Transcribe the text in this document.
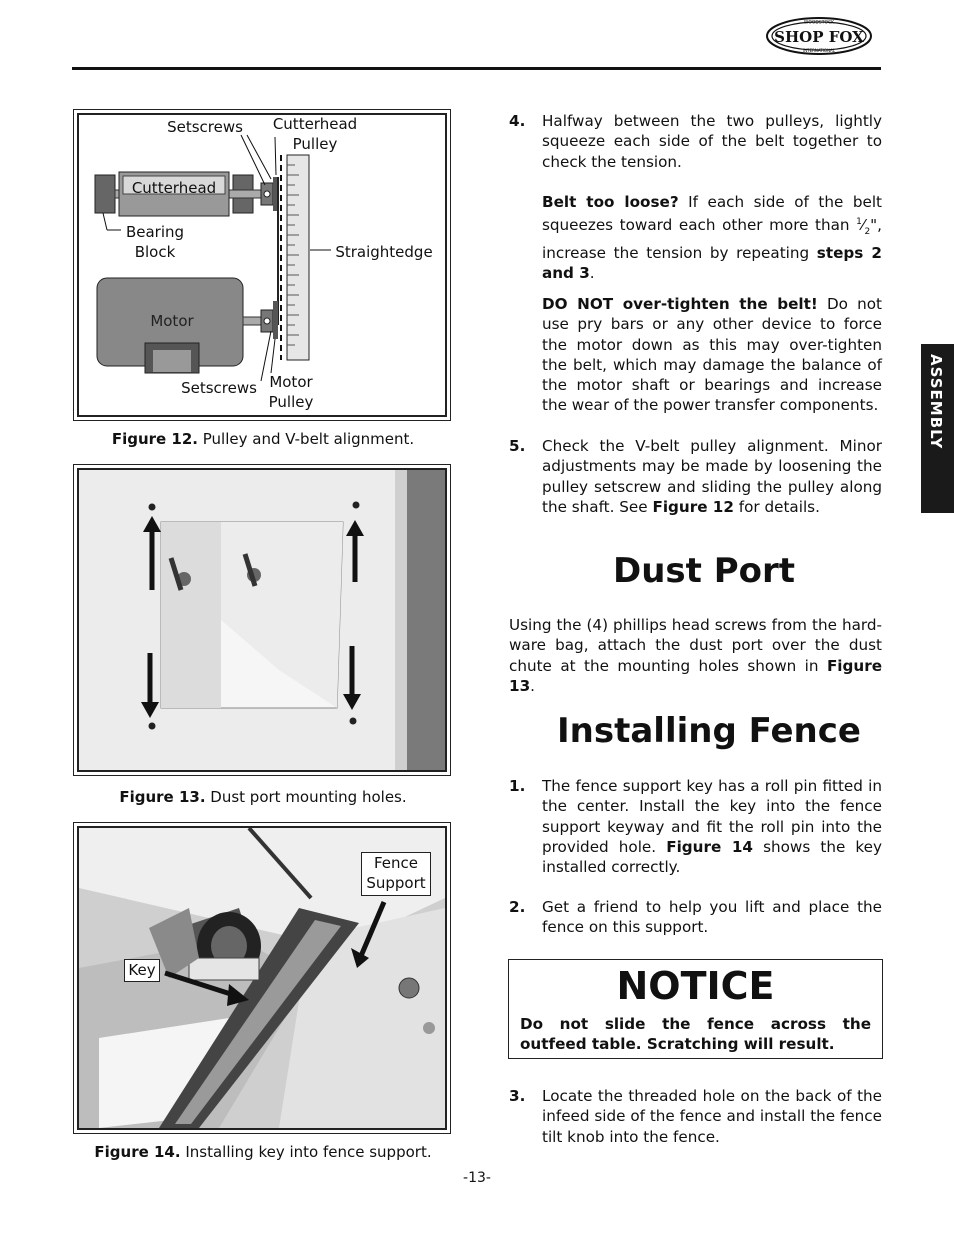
WOODSTOCK
SHOP FOX
INTERNATIONAL
ASSEMBLY
Setscrews	Cutterhead
Pulley
Cutterhead
Bearing
Block	Straightedge
Motor
Setscrews Motor
Pulley
Figure 12. Pulley and V-belt alignment.
Figure 13. Dust port mounting holes.
Fence
Support
Key
Figure 14. Installing key into fence support.
4. Halfway between the two pulleys, lightly squeeze each side of the belt together to check the tension.
Belt too loose? If each side of the belt squeezes toward each other more than $^1⁄_2$", increase the tension by repeating steps 2 and 3.
DO NOT over-tighten the belt! Do not use pry bars or any other device to force the motor down as this may over-tighten the belt, which may damage the balance of the motor shaft or bearings and increase the wear of the power transfer components.
5. Check the V-belt pulley alignment. Minor adjustments may be made by loosening the pulley setscrew and sliding the pulley along the shaft. See Figure 12 for details.
Dust Port
Using the (4) phillips head screws from the hard-ware bag, attach the dust port over the dust chute at the mounting holes shown in Figure 13.
Installing Fence
1. The fence support key has a roll pin fitted in the center. Install the key into the fence support keyway and fit the roll pin into the provided hole. Figure 14 shows the key installed correctly.
2. Get a friend to help you lift and place the fence on this support.
NOTICE
Do not slide the fence across the outfeed table. Scratching will result.
3. Locate the threaded hole on the back of the infeed side of the fence and install the fence tilt knob into the fence.
-13-
